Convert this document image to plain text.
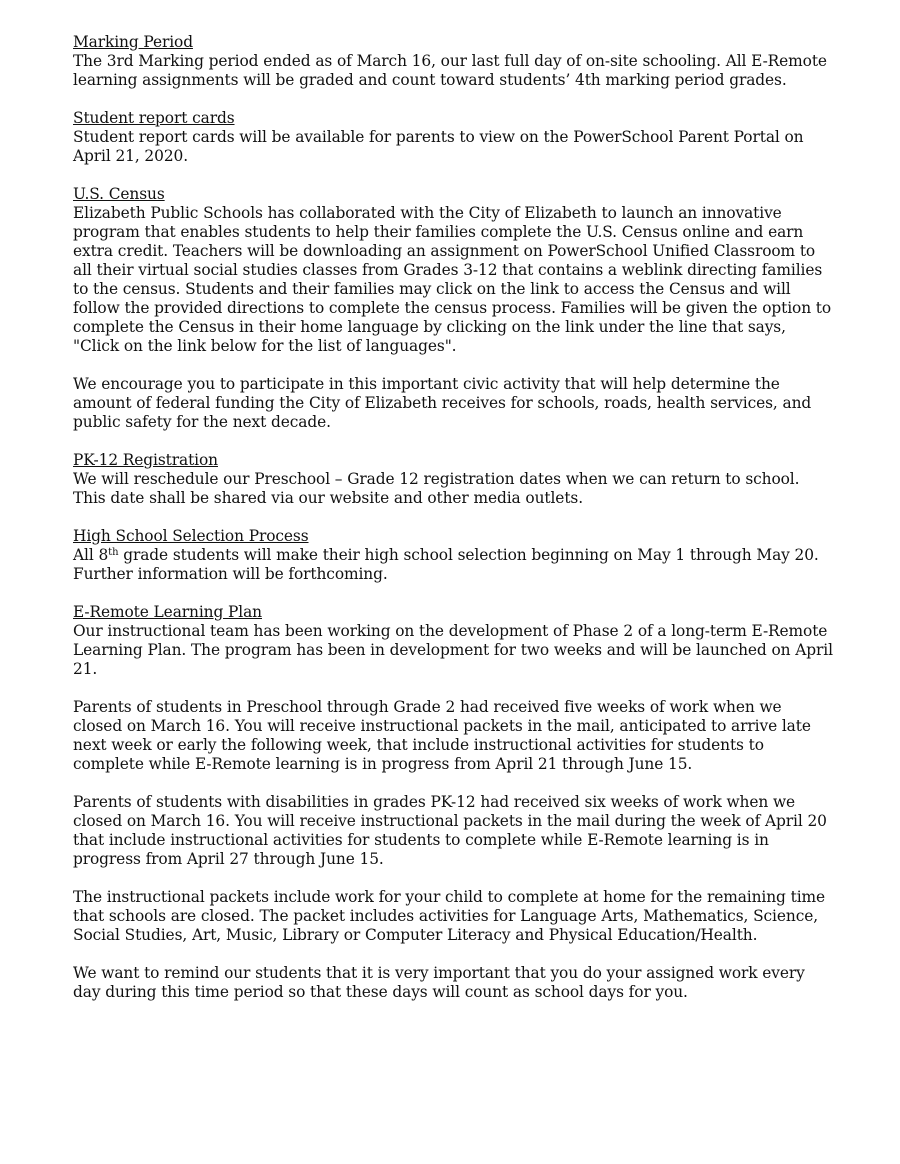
Marking Period

The 3rd Marking period ended as of March 16, our last full day of on-site schooling. All E-Remote learning assignments will be graded and count toward students’ 4th marking period grades.

Student report cards

Student report cards will be available for parents to view on the PowerSchool Parent Portal on April 21, 2020.

U.S. Census

Elizabeth Public Schools has collaborated with the City of Elizabeth to launch an innovative program that enables students to help their families complete the U.S. Census online and earn extra credit. Teachers will be downloading an assignment on PowerSchool Unified Classroom to all their virtual social studies classes from Grades 3-12 that contains a weblink directing families to the census. Students and their families may click on the link to access the Census and will follow the provided directions to complete the census process. Families will be given the option to complete the Census in their home language by clicking on the link under the line that says, "Click on the link below for the list of languages".

We encourage you to participate in this important civic activity that will help determine the amount of federal funding the City of Elizabeth receives for schools, roads, health services, and public safety for the next decade.

PK-12 Registration

We will reschedule our Preschool – Grade 12 registration dates when we can return to school. This date shall be shared via our website and other media outlets.

High School Selection Process

All 8th grade students will make their high school selection beginning on May 1 through May 20. Further information will be forthcoming.

E-Remote Learning Plan

Our instructional team has been working on the development of Phase 2 of a long-term E-Remote Learning Plan. The program has been in development for two weeks and will be launched on April 21.

Parents of students in Preschool through Grade 2 had received five weeks of work when we closed on March 16. You will receive instructional packets in the mail, anticipated to arrive late next week or early the following week, that include instructional activities for students to complete while E-Remote learning is in progress from April 21 through June 15.

Parents of students with disabilities in grades PK-12 had received six weeks of work when we closed on March 16. You will receive instructional packets in the mail during the week of April 20 that include instructional activities for students to complete while E-Remote learning is in progress from April 27 through June 15.

The instructional packets include work for your child to complete at home for the remaining time that schools are closed. The packet includes activities for Language Arts, Mathematics, Science, Social Studies, Art, Music, Library or Computer Literacy and Physical Education/Health.

We want to remind our students that it is very important that you do your assigned work every day during this time period so that these days will count as school days for you.
